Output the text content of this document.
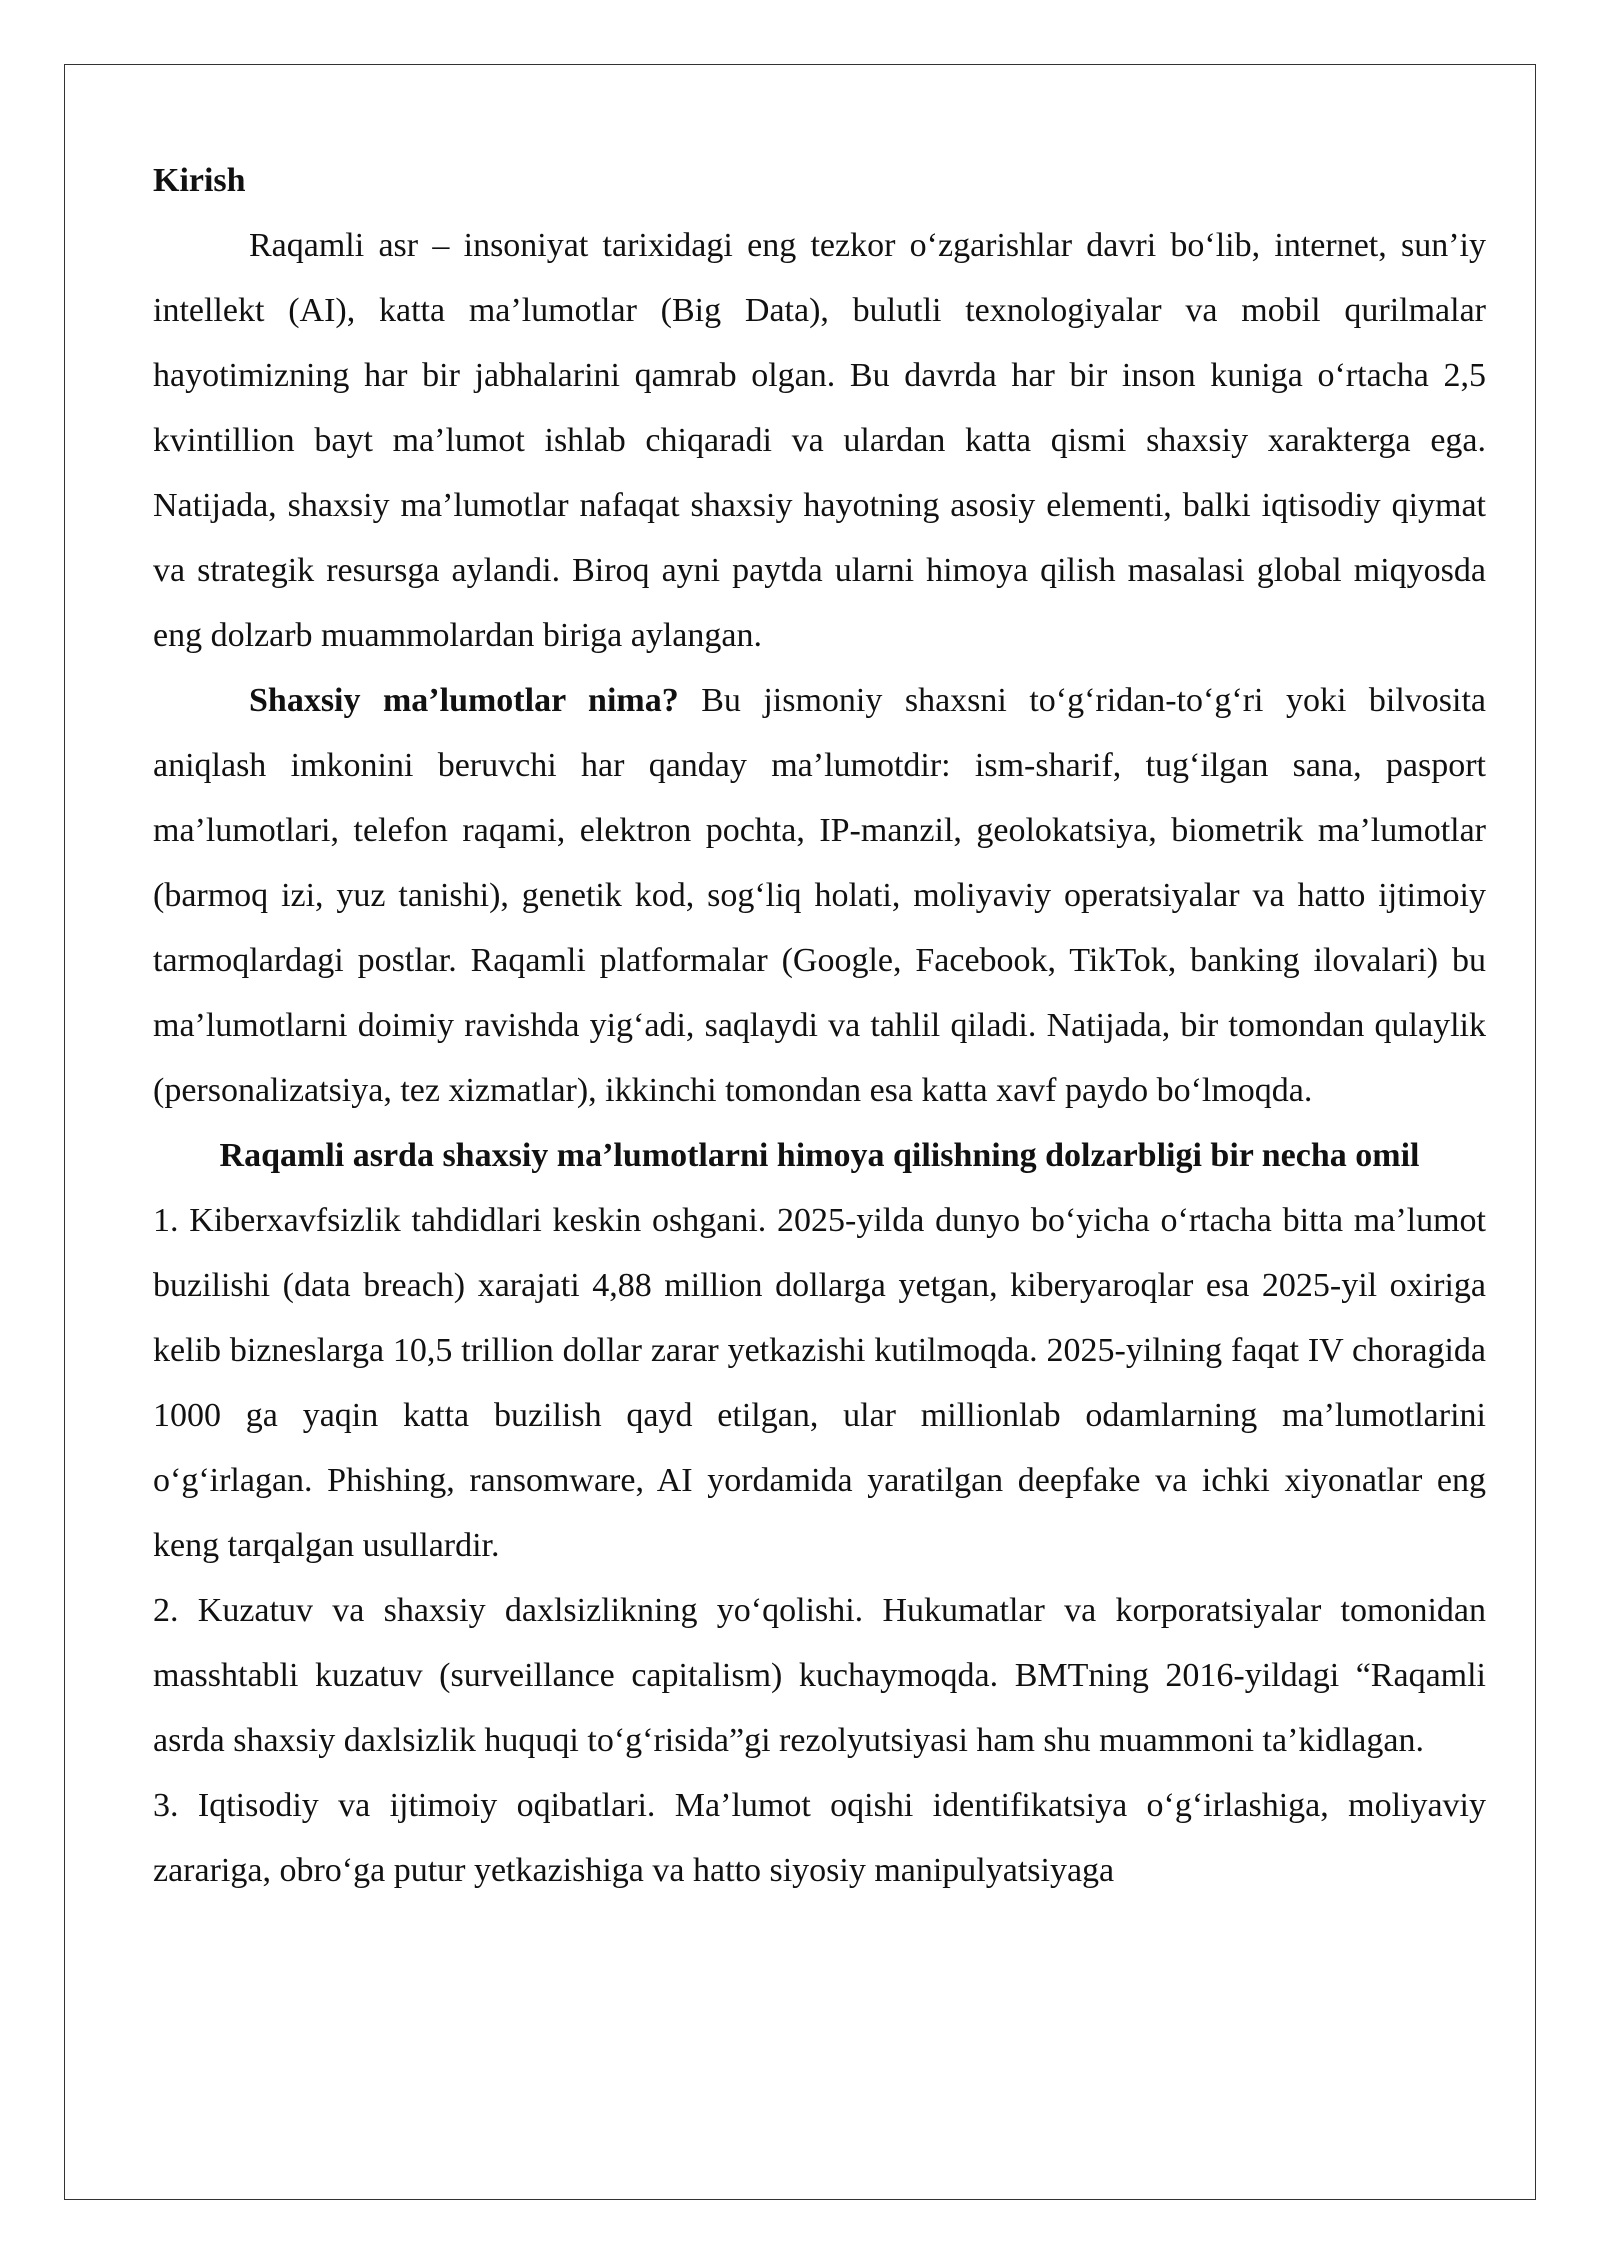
Kirish

Raqamli asr – insoniyat tarixidagi eng tezkor oʻzgarishlar davri boʻlib, internet, sun’iy intellekt (AI), katta ma’lumotlar (Big Data), bulutli texnologiyalar va mobil qurilmalar hayotimizning har bir jabhalarini qamrab olgan. Bu davrda har bir inson kuniga oʻrtacha 2,5 kvintillion bayt ma’lumot ishlab chiqaradi va ulardan katta qismi shaxsiy xarakterga ega. Natijada, shaxsiy ma’lumotlar nafaqat shaxsiy hayotning asosiy elementi, balki iqtisodiy qiymat va strategik resursga aylandi. Biroq ayni paytda ularni himoya qilish masalasi global miqyosda eng dolzarb muammolardan biriga aylangan.

Shaxsiy ma’lumotlar nima? Bu jismoniy shaxsni toʻgʻridan-toʻgʻri yoki bilvosita aniqlash imkonini beruvchi har qanday ma’lumotdir: ism-sharif, tugʻilgan sana, pasport ma’lumotlari, telefon raqami, elektron pochta, IP-manzil, geolokatsiya, biometrik ma’lumotlar (barmoq izi, yuz tanishi), genetik kod, sogʻliq holati, moliyaviy operatsiyalar va hatto ijtimoiy tarmoqlardagi postlar. Raqamli platformalar (Google, Facebook, TikTok, banking ilovalari) bu ma’lumotlarni doimiy ravishda yigʻadi, saqlaydi va tahlil qiladi. Natijada, bir tomondan qulaylik (personalizatsiya, tez xizmatlar), ikkinchi tomondan esa katta xavf paydo boʻlmoqda.

Raqamli asrda shaxsiy ma’lumotlarni himoya qilishning dolzarbligi bir necha omil

1. Kiberxavfsizlik tahdidlari keskin oshgani. 2025-yilda dunyo boʻyicha oʻrtacha bitta ma’lumot buzilishi (data breach) xarajati 4,88 million dollarga yetgan, kiberyaroqlar esa 2025-yil oxiriga kelib bizneslarga 10,5 trillion dollar zarar yetkazishi kutilmoqda. 2025-yilning faqat IV choragida 1000 ga yaqin katta buzilish qayd etilgan, ular millionlab odamlarning ma’lumotlarini oʻgʻirlagan. Phishing, ransomware, AI yordamida yaratilgan deepfake va ichki xiyonatlar eng keng tarqalgan usullardir.

2. Kuzatuv va shaxsiy daxlsizlikning yoʻqolishi. Hukumatlar va korporatsiyalar tomonidan masshtabli kuzatuv (surveillance capitalism) kuchaymoqda. BMTning 2016-yildagi “Raqamli asrda shaxsiy daxlsizlik huquqi toʻgʻrisida”gi rezolyutsiyasi ham shu muammoni ta’kidlagan.

3. Iqtisodiy va ijtimoiy oqibatlari. Ma’lumot oqishi identifikatsiya oʻgʻirlashiga, moliyaviy zarariga, obroʻga putur yetkazishiga va hatto siyosiy manipulyatsiyaga
